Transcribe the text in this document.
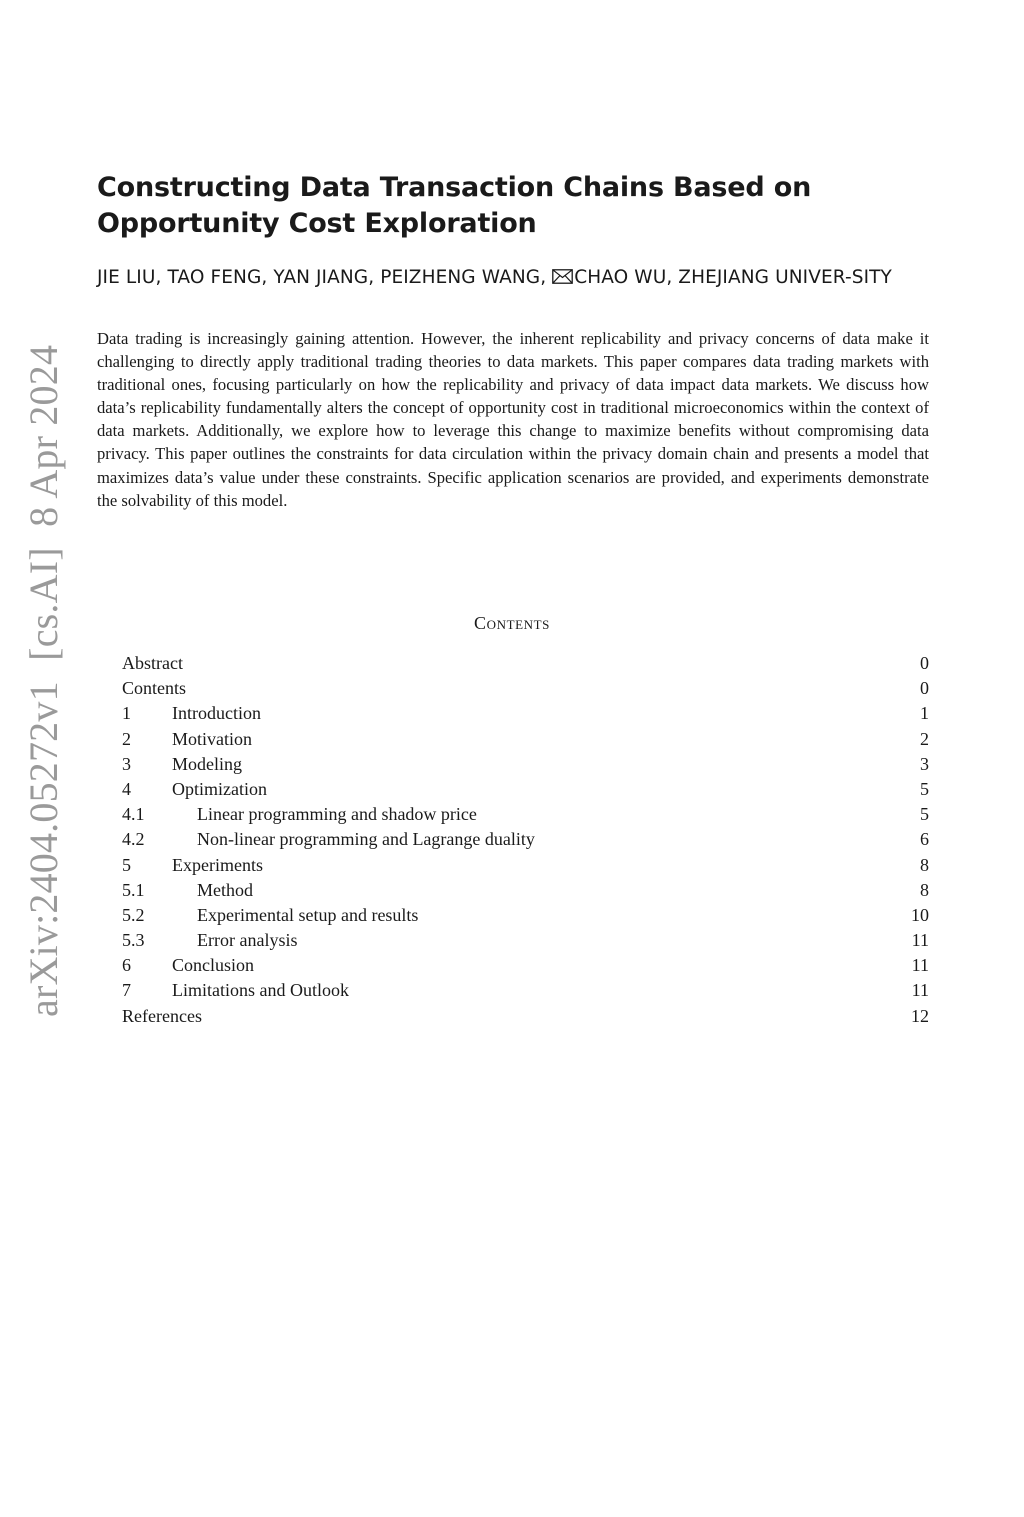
arXiv:2404.05272v1  [cs.AI]  8 Apr 2024
Constructing Data Transaction Chains Based on Opportunity Cost Exploration
JIE LIU, TAO FENG, YAN JIANG, PEIZHENG WANG, CHAO WU, ZHEJIANG UNIVER-SITY

Data trading is increasingly gaining attention. However, the inherent replicability and privacy concerns of data make it challenging to directly apply traditional trading theories to data markets. This paper compares data trading markets with traditional ones, focusing particularly on how the replicability and privacy of data impact data markets. We discuss how data’s replicability fundamentally alters the concept of opportunity cost in traditional microeconomics within the context of data markets. Additionally, we explore how to leverage this change to maximize benefits without compromising data privacy. This paper outlines the constraints for data circulation within the privacy domain chain and presents a model that maximizes data’s value under these constraints. Specific application scenarios are provided, and experiments demonstrate the solvability of this model.

Contents
Abstract	0
Contents	0
1 Introduction	1
2 Motivation	2
3 Modeling	3
4 Optimization	5
4.1	Linear programming and shadow price	5
4.2	Non-linear programming and Lagrange duality	6
5 Experiments	8
5.1	Method	8
5.2	Experimental setup and results	10
5.3	Error analysis	11
6 Conclusion	11
7 Limitations and Outlook	11
References	12
